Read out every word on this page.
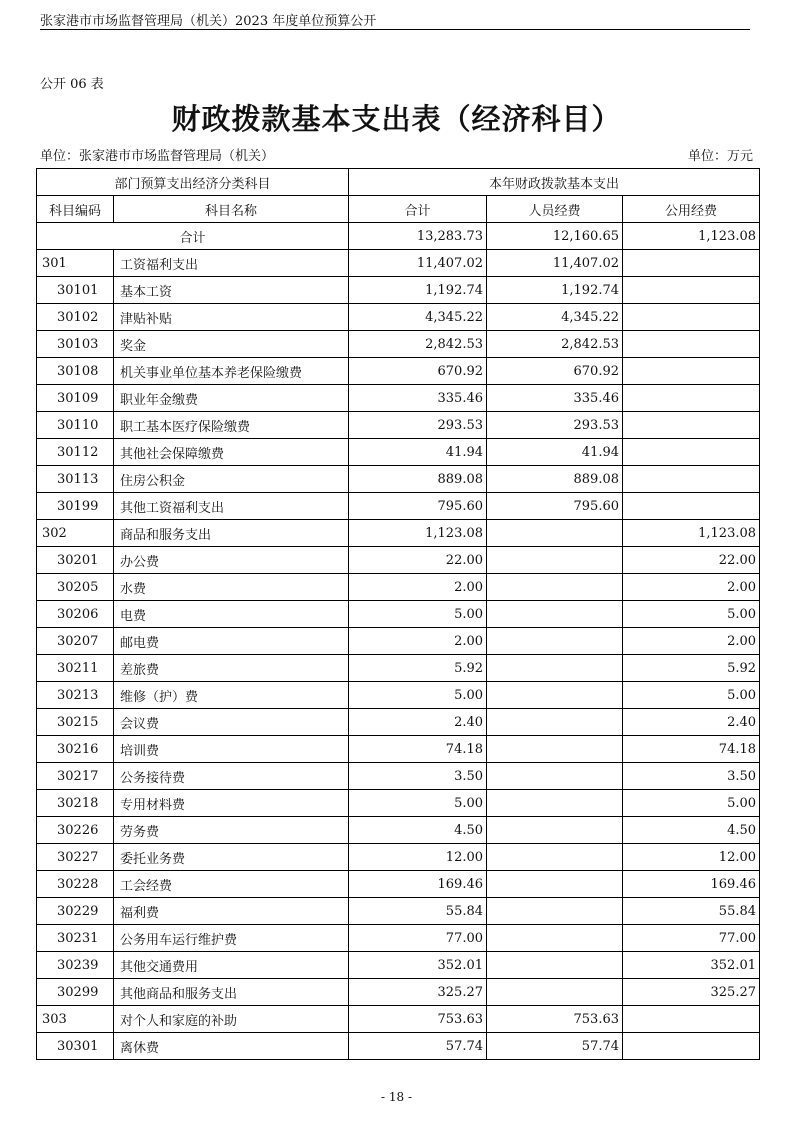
张家港市市场监督管理局（机关）2023 年度单位预算公开
公开 06 表
财政拨款基本支出表（经济科目）
单位：张家港市市场监督管理局（机关）	单位：万元
部门预算支出经济分类科目		本年财政拨款基本支出		
科目编码	科目名称	合计	人员经费	公用经费
合计		13,283.73	12,160.65	1,123.08
301	工资福利支出	11,407.02	11,407.02	
30101	基本工资	1,192.74	1,192.74	
30102	津贴补贴	4,345.22	4,345.22	
30103	奖金	2,842.53	2,842.53	
30108	机关事业单位基本养老保险缴费	670.92	670.92	
30109	职业年金缴费	335.46	335.46	
30110	职工基本医疗保险缴费	293.53	293.53	
30112	其他社会保障缴费	41.94	41.94	
30113	住房公积金	889.08	889.08	
30199	其他工资福利支出	795.60	795.60	
302	商品和服务支出	1,123.08		1,123.08
30201	办公费	22.00		22.00
30205	水费	2.00		2.00
30206	电费	5.00		5.00
30207	邮电费	2.00		2.00
30211	差旅费	5.92		5.92
30213	维修（护）费	5.00		5.00
30215	会议费	2.40		2.40
30216	培训费	74.18		74.18
30217	公务接待费	3.50		3.50
30218	专用材料费	5.00		5.00
30226	劳务费	4.50		4.50
30227	委托业务费	12.00		12.00
30228	工会经费	169.46		169.46
30229	福利费	55.84		55.84
30231	公务用车运行维护费	77.00		77.00
30239	其他交通费用	352.01		352.01
30299	其他商品和服务支出	325.27		325.27
303	对个人和家庭的补助	753.63	753.63	
30301	离休费	57.74	57.74	
- 18 -
